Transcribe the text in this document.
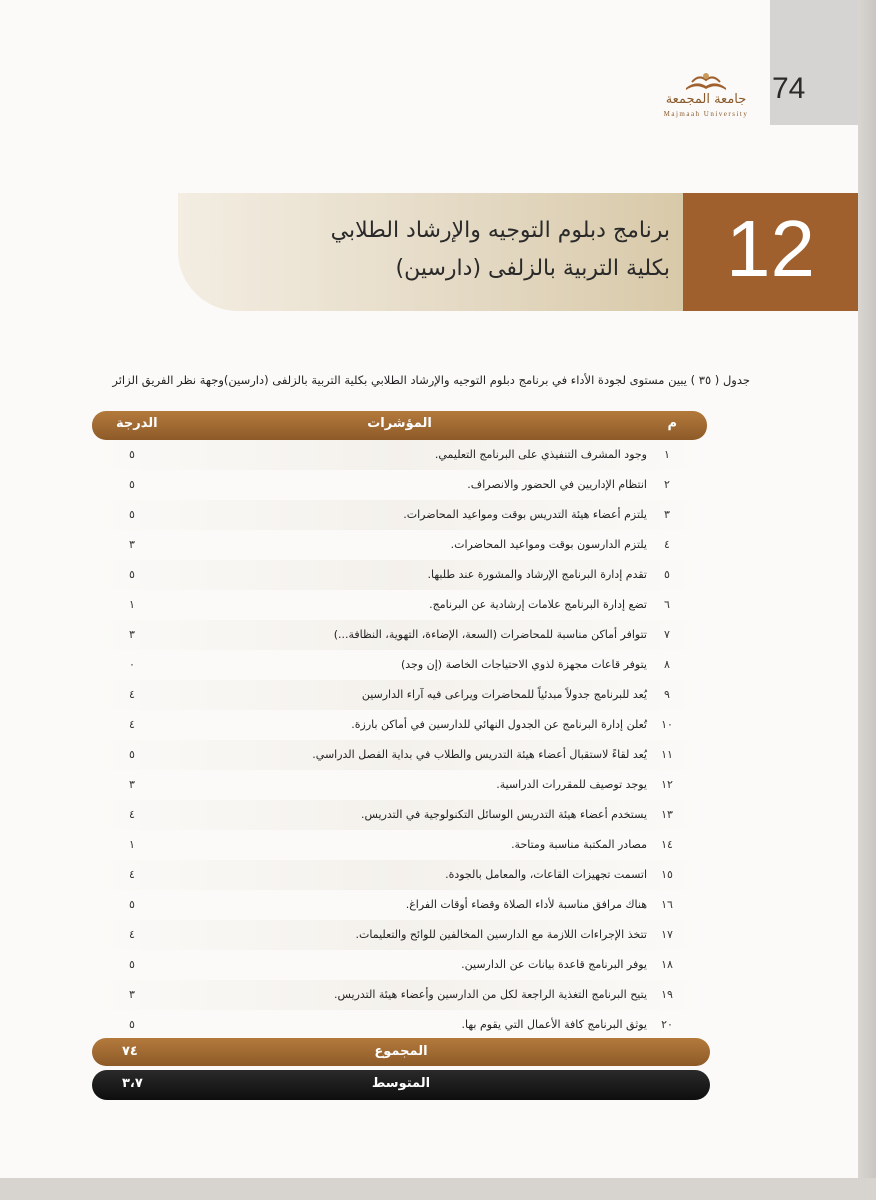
74
جامعة المجمعة
Majmaah University
برنامج دبلوم التوجيه والإرشاد الطلابي
بكلية التربية بالزلفى (دارسين) 12
جدول ( ٣٥ ) يبين مستوى لجودة الأداء في برنامج دبلوم التوجيه والإرشاد الطلابي بكلية التربية بالزلفى (دارسين)وجهة نظر الفريق الزائر
م
المؤشرات
الدرجة
١
وجود المشرف التنفيذي على البرنامج التعليمي.
٥
٢
انتظام الإداريين في الحضور والانصراف.
٥
٣
يلتزم أعضاء هيئة التدريس بوقت ومواعيد المحاضرات.
٥
٤
يلتزم الدارسون بوقت ومواعيد المحاضرات.
٣
٥
تقدم إدارة البرنامج الإرشاد والمشورة عند طلبها.
٥
٦
تضع إدارة البرنامج علامات إرشادية عن البرنامج.
١
٧
تتوافر أماكن مناسبة للمحاضرات (السعة، الإضاءة، التهوية، النظافة...)
٣
٨
يتوفر قاعات مجهزة لذوي الاحتياجات الخاصة (إن وجد)
٠
٩
يُعد للبرنامج جدولاً مبدئياً للمحاضرات ويراعى فيه آراء الدارسين
٤
١٠
تُعلن إدارة البرنامج عن الجدول النهائي للدارسين في أماكن بارزة.
٤
١١
يُعد لقاءً لاستقبال أعضاء هيئة التدريس والطلاب في بداية الفصل الدراسي.
٥
١٢
يوجد توصيف للمقررات الدراسية.
٣
١٣
يستخدم أعضاء هيئة التدريس الوسائل التكنولوجية في التدريس.
٤
١٤
مصادر المكتبة مناسبة ومتاحة.
١
١٥
اتسمت تجهيزات القاعات، والمعامل بالجودة.
٤
١٦
هناك مرافق مناسبة لأداء الصلاة وقضاء أوقات الفراغ.
٥
١٧
تتخذ الإجراءات اللازمة مع الدارسين المخالفين للوائح والتعليمات.
٤
١٨
يوفر البرنامج قاعدة بيانات عن الدارسين.
٥
١٩
يتيح البرنامج التغذية الراجعة لكل من الدارسين وأعضاء هيئة التدريس.
٣
٢٠
يوثق البرنامج كافة الأعمال التي يقوم بها.
٥
المجموع
٧٤
المتوسط
٣،٧
